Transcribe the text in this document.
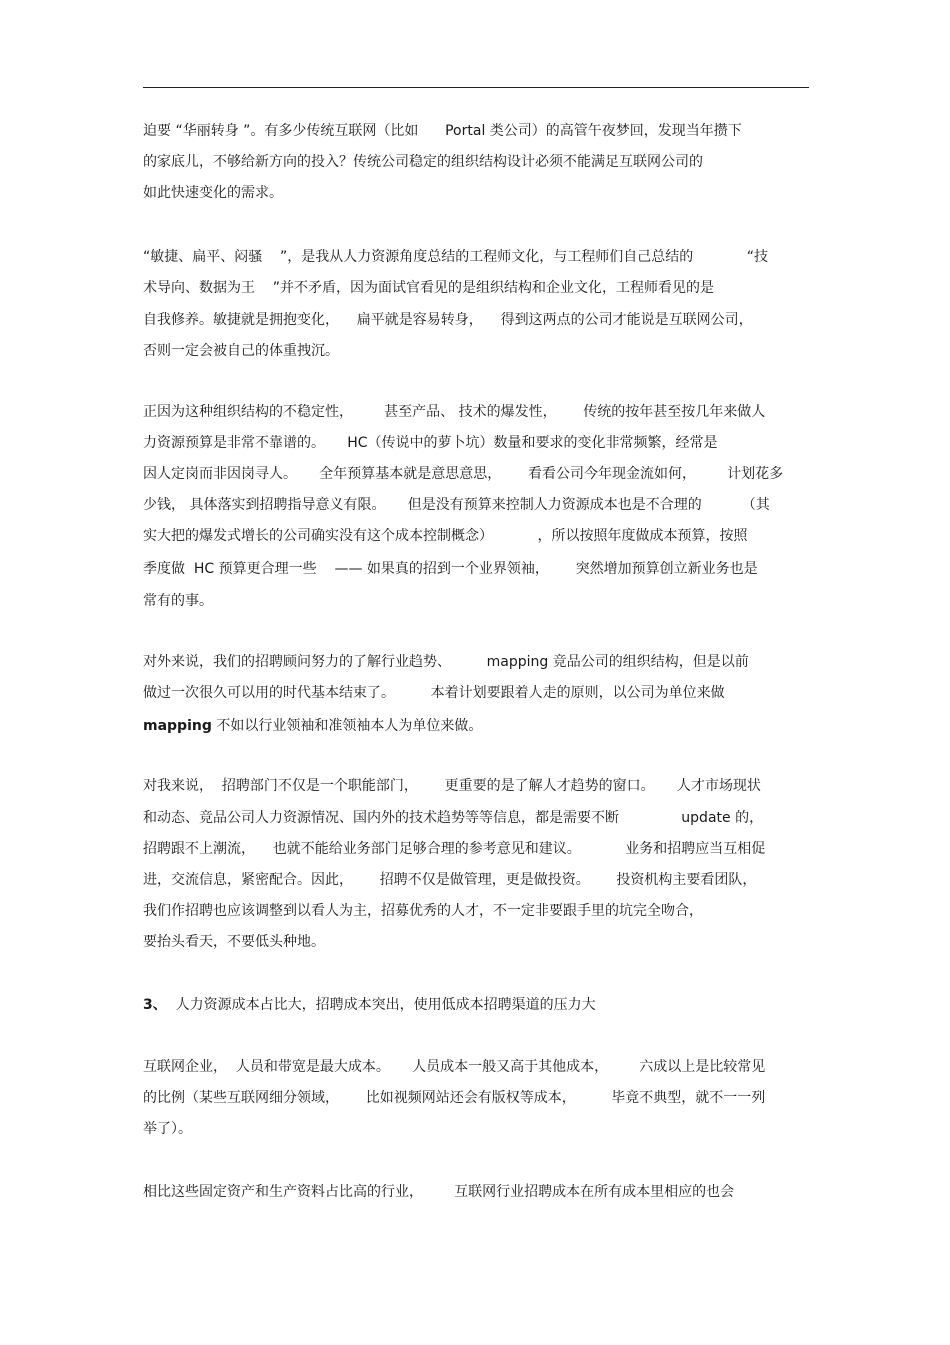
迫要 “华丽转身 ”。有多少传统互联网（比如      Portal 类公司）的高管午夜梦回，发现当年攒下
的家底儿，不够给新方向的投入？传统公司稳定的组织结构设计必须不能满足互联网公司的
如此快速变化的需求。
“敏捷、扁平、闷骚    ”，是我从人力资源角度总结的工程师文化，与工程师们自己总结的            “技
术导向、数据为王    ”并不矛盾，因为面试官看见的是组织结构和企业文化，工程师看见的是
自我修养。敏捷就是拥抱变化，    扁平就是容易转身，    得到这两点的公司才能说是互联网公司，
否则一定会被自己的体重拽沉。
正因为这种组织结构的不稳定性，       甚至产品、 技术的爆发性，      传统的按年甚至按几年来做人
力资源预算是非常不靠谱的。     HC（传说中的萝卜坑）数量和要求的变化非常频繁，经常是
因人定岗而非因岗寻人。     全年预算基本就是意思意思，      看看公司今年现金流如何，       计划花多
少钱， 具体落实到招聘指导意义有限。     但是没有预算来控制人力资源成本也是不合理的         （其
实大把的爆发式增长的公司确实没有这个成本控制概念）          ，所以按照年度做成本预算，按照
季度做  HC 预算更合理一些    —— 如果真的招到一个业界领袖，      突然增加预算创立新业务也是
常有的事。
对外来说，我们的招聘顾问努力的了解行业趋势、        mapping 竞品公司的组织结构，但是以前
做过一次很久可以用的时代基本结束了。        本着计划要跟着人走的原则，以公司为单位来做
mapping 不如以行业领袖和准领袖本人为单位来做。
对我来说，  招聘部门不仅是一个职能部门，      更重要的是了解人才趋势的窗口。     人才市场现状
和动态、竞品公司人力资源情况、国内外的技术趋势等等信息，都是需要不断              update 的，
招聘跟不上潮流，    也就不能给业务部门足够合理的参考意见和建议。          业务和招聘应当互相促
进，交流信息，紧密配合。因此，      招聘不仅是做管理，更是做投资。      投资机构主要看团队，
我们作招聘也应该调整到以看人为主，招募优秀的人才，不一定非要跟手里的坑完全吻合，
要抬头看天，不要低头种地。
3、  人力资源成本占比大，招聘成本突出，使用低成本招聘渠道的压力大
互联网企业，  人员和带宽是最大成本。     人员成本一般又高于其他成本，       六成以上是比较常见
的比例（某些互联网细分领域，      比如视频网站还会有版权等成本，        毕竟不典型，就不一一列
举了）。
相比这些固定资产和生产资料占比高的行业，       互联网行业招聘成本在所有成本里相应的也会
